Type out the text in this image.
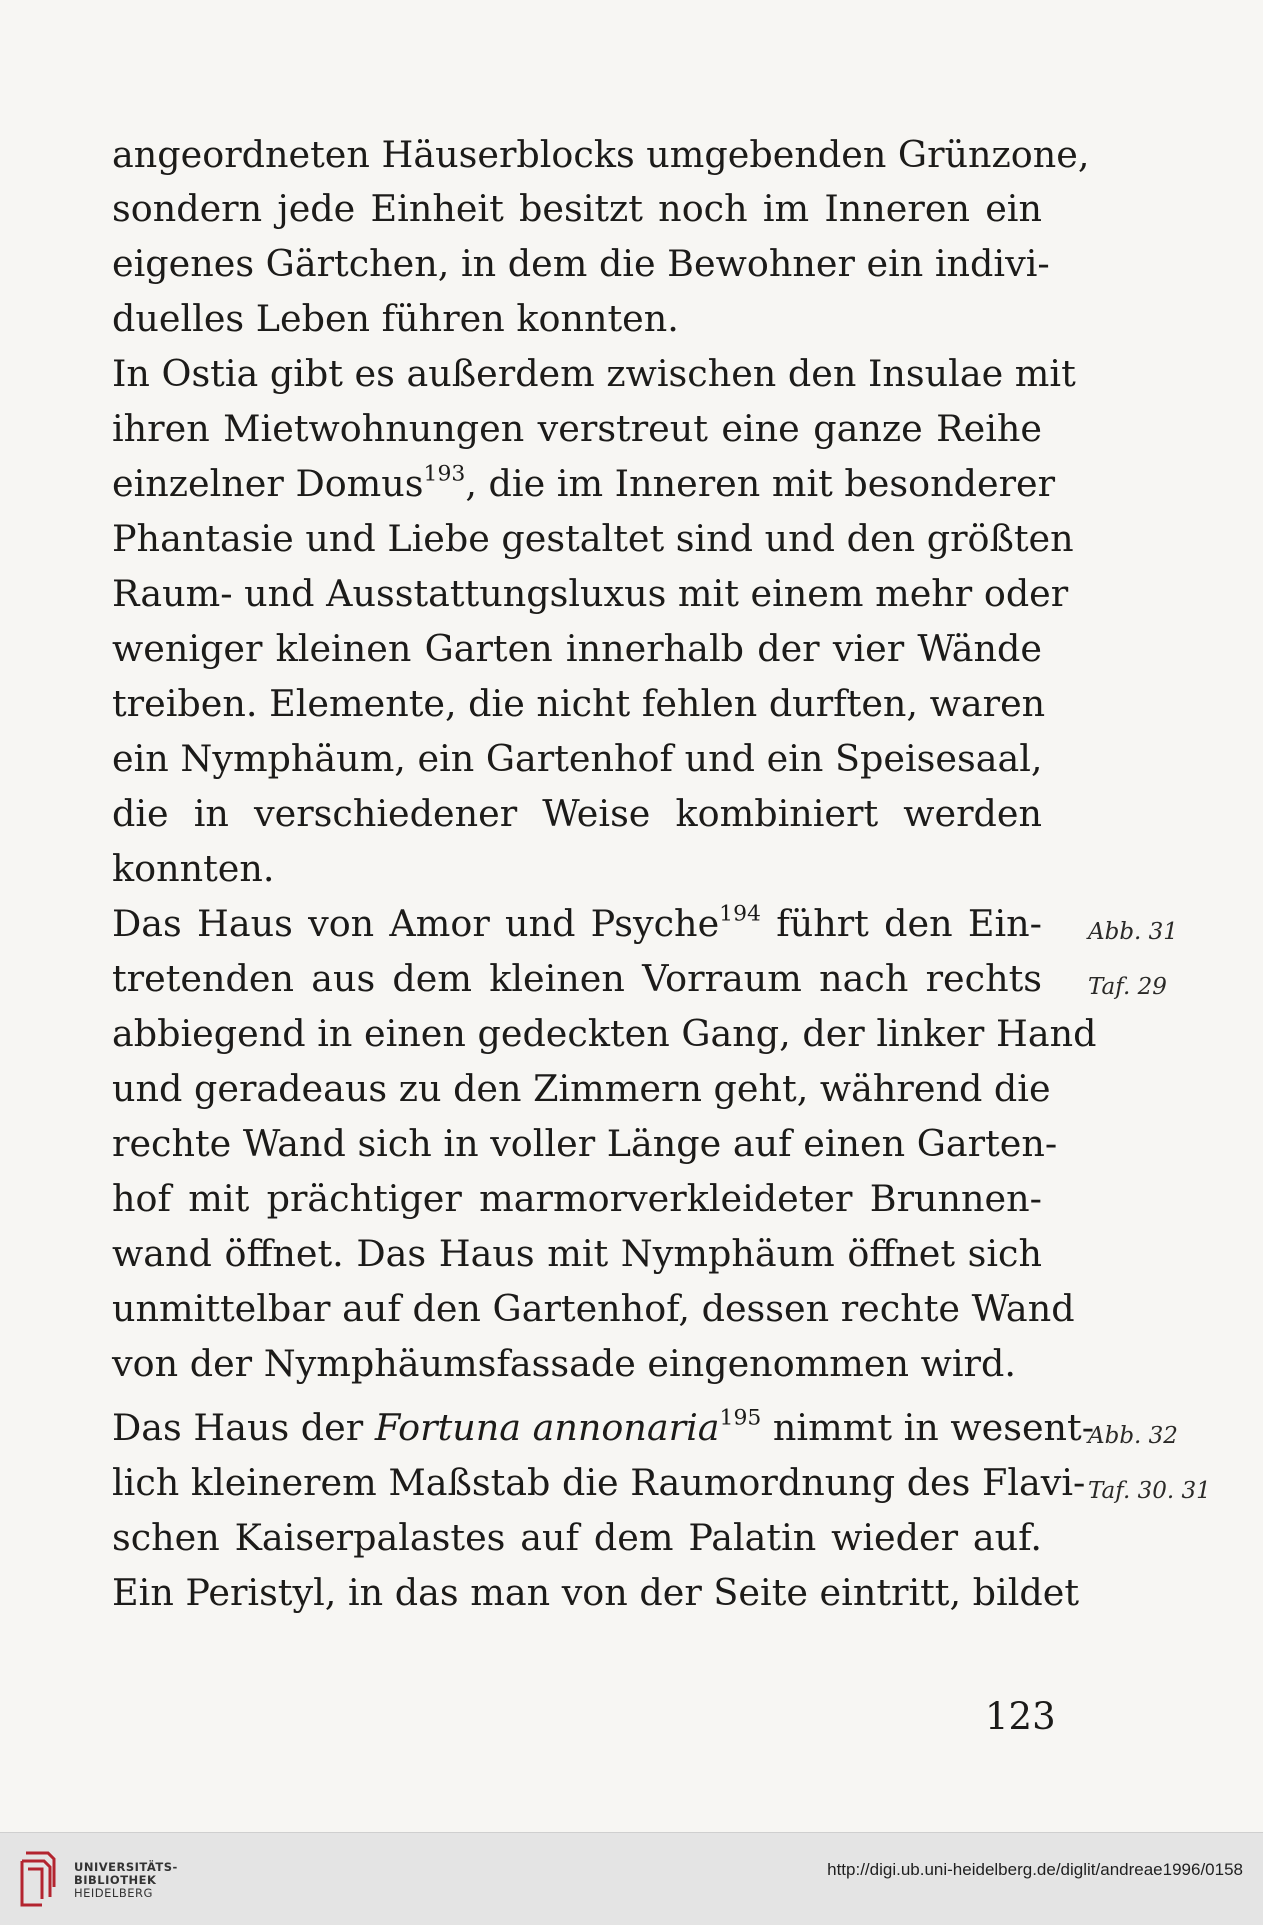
angeordneten Häuserblocks umgebenden Grünzone,
sondern jede Einheit besitzt noch im Inneren ein
eigenes Gärtchen, in dem die Bewohner ein indivi-
duelles Leben führen konnten.
In Ostia gibt es außerdem zwischen den Insulae mit
ihren Mietwohnungen verstreut eine ganze Reihe
einzelner Domus$^{193}$, die im Inneren mit besonderer
Phantasie und Liebe gestaltet sind und den größten
Raum- und Ausstattungsluxus mit einem mehr oder
weniger kleinen Garten innerhalb der vier Wände
treiben. Elemente, die nicht fehlen durften, waren
ein Nymphäum, ein Gartenhof und ein Speisesaal,
die in verschiedener Weise kombiniert werden
konnten.
Das Haus von Amor und Psyche$^{194}$ führt den Ein-
tretenden aus dem kleinen Vorraum nach rechts
abbiegend in einen gedeckten Gang, der linker Hand
und geradeaus zu den Zimmern geht, während die
rechte Wand sich in voller Länge auf einen Garten-
hof mit prächtiger marmorverkleideter Brunnen-
wand öffnet. Das Haus mit Nymphäum öffnet sich
unmittelbar auf den Gartenhof, dessen rechte Wand
von der Nymphäumsfassade eingenommen wird.
Das Haus der Fortuna annonaria$^{195}$ nimmt in wesent-
lich kleinerem Maßstab die Raumordnung des Flavi-
schen Kaiserpalastes auf dem Palatin wieder auf.
Ein Peristyl, in das man von der Seite eintritt, bildet
Abb. 31
Taf. 29
Abb. 32
Taf. 30. 31
123
UNIVERSITÄTS-
BIBLIOTHEK
HEIDELBERG
http://digi.ub.uni-heidelberg.de/diglit/andreae1996/0158
